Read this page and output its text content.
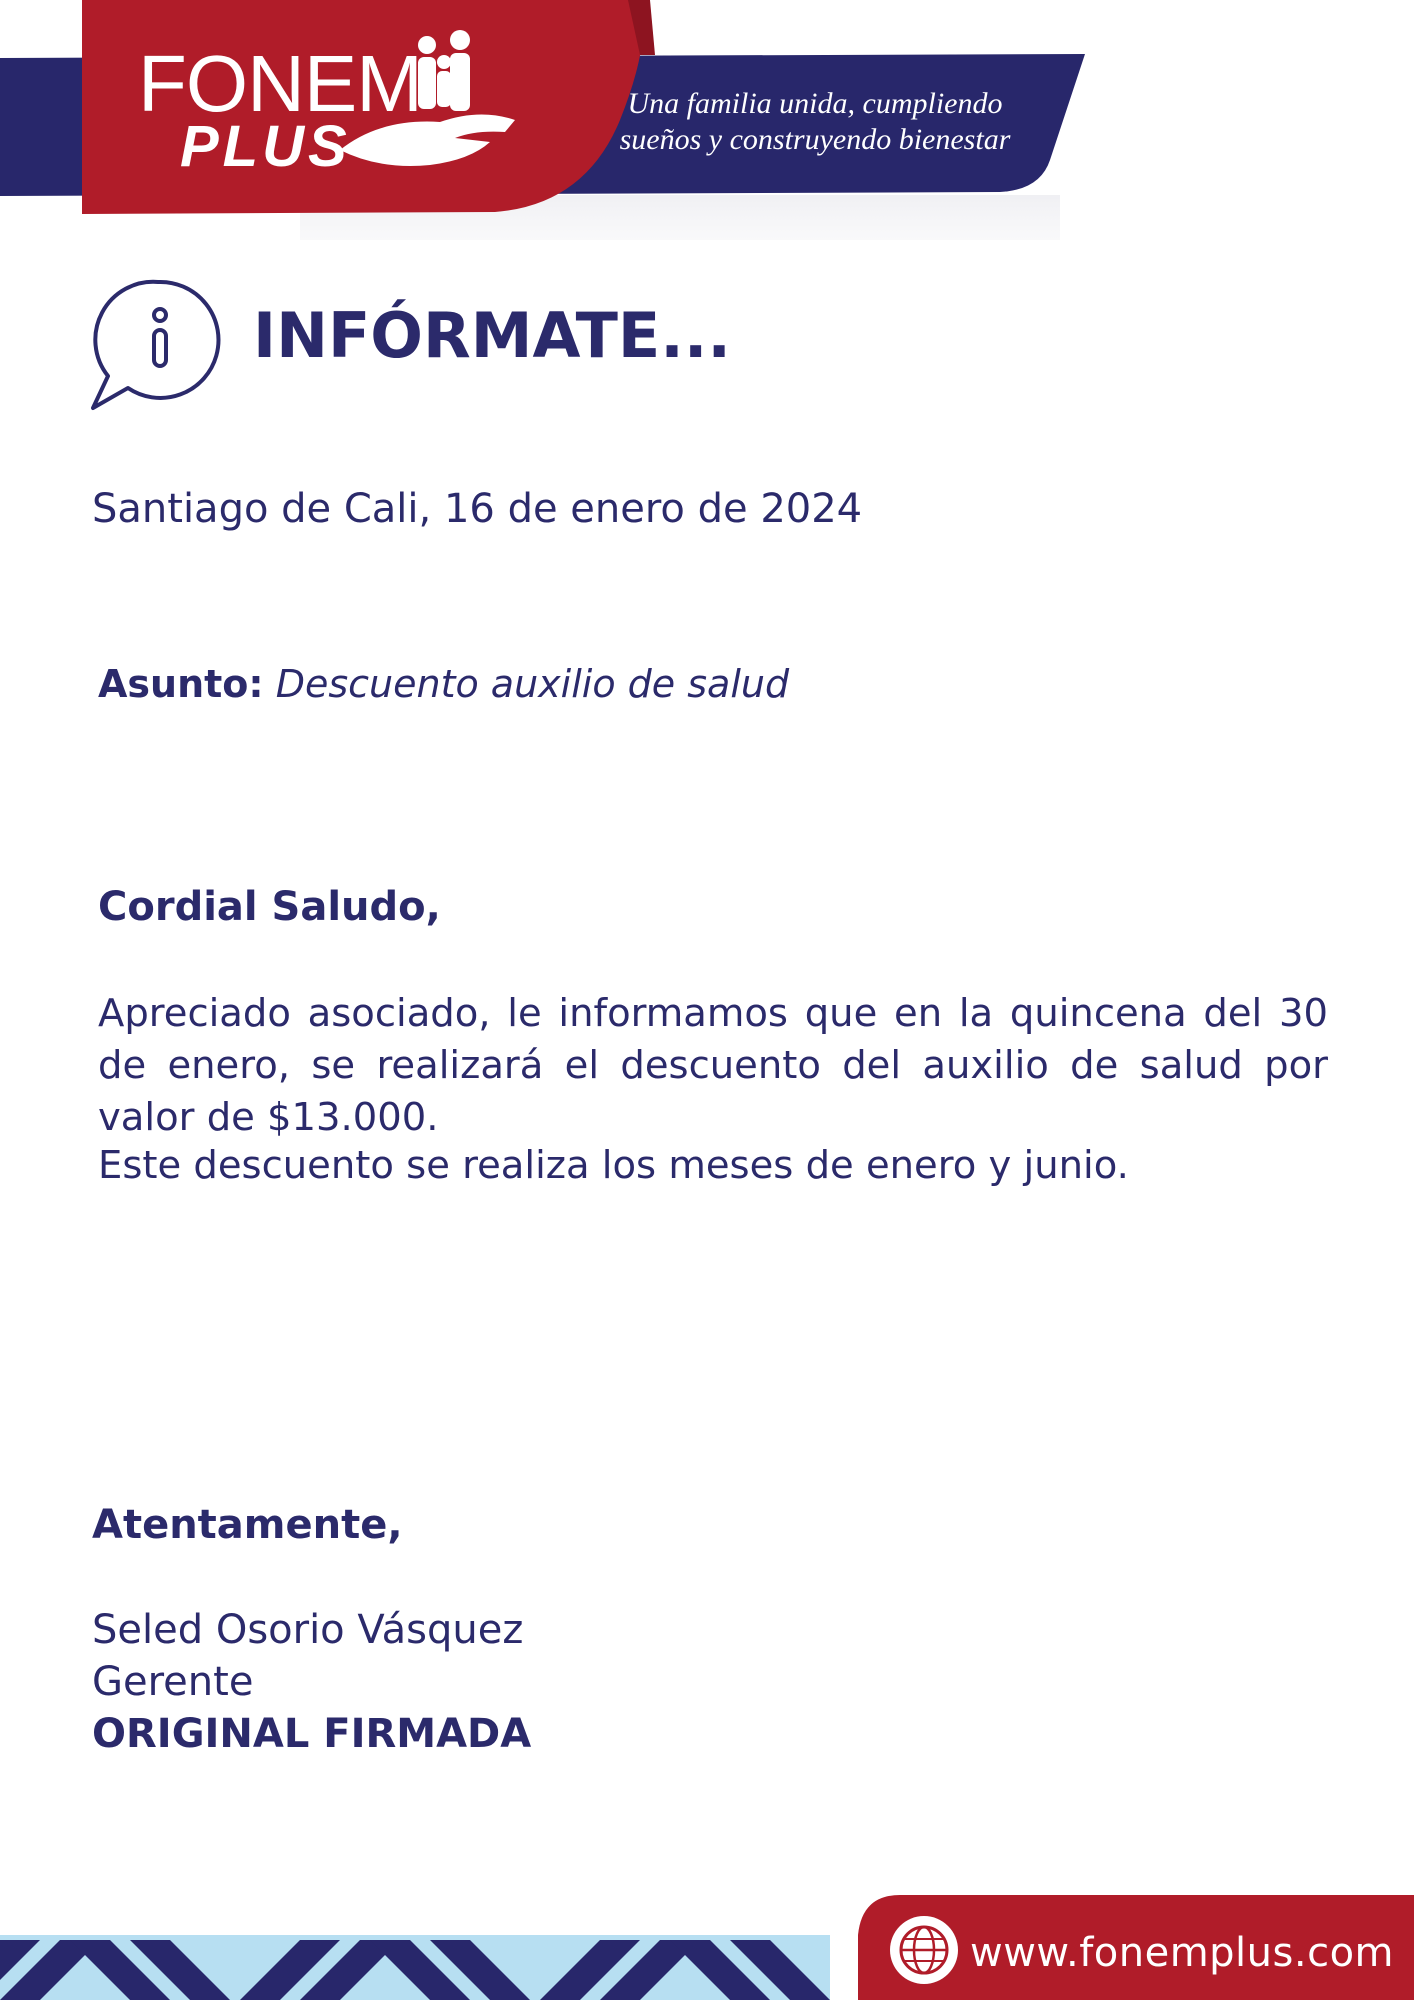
FONEM
PLUS
Una familia unida, cumpliendo
sueños y construyendo bienestar
INFÓRMATE...
Santiago de Cali, 16 de enero de 2024
Asunto: Descuento auxilio de salud
Cordial Saludo,
Apreciado asociado, le informamos que en la quincena del 30 de enero, se realizará el descuento del auxilio de salud por valor de $13.000.
Este descuento se realiza los meses de enero y junio.
Atentamente,
Seled Osorio Vásquez
Gerente
ORIGINAL FIRMADA
www.fonemplus.com
